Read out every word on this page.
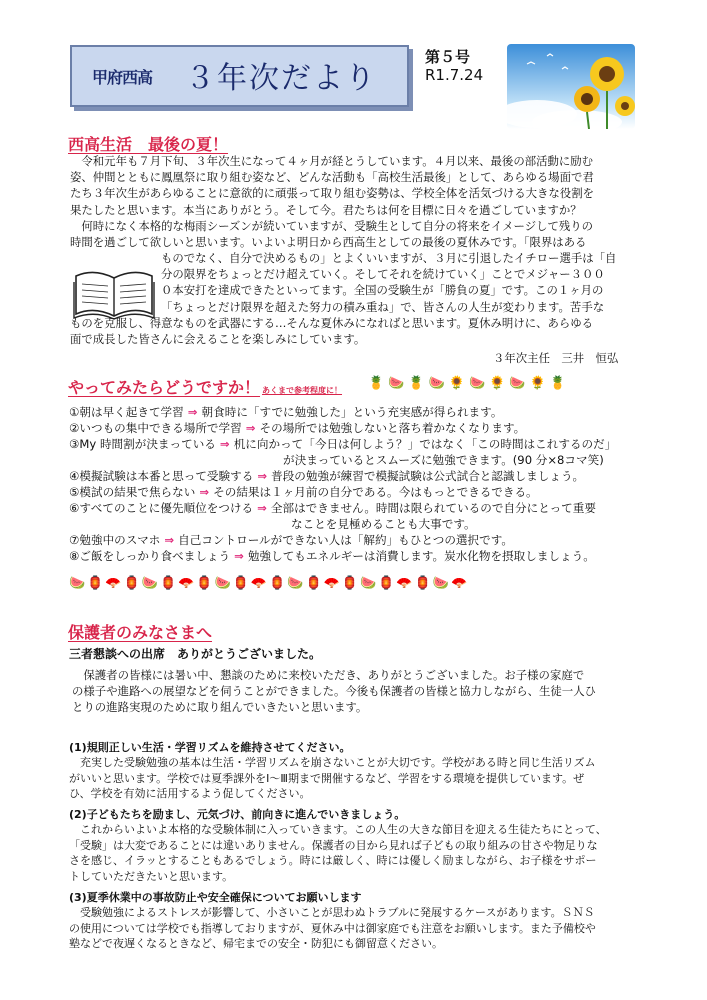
甲府西高 ３年次だより
第５号
R1.7.24
西高生活　最後の夏！

　令和元年も７月下旬、３年次生になって４ヶ月が経とうしています。４月以来、最後の部活動に励む

姿、仲間とともに鳳凰祭に取り組む姿など、どんな活動も「高校生活最後」として、あらゆる場面で君

たち３年次生があらゆることに意欲的に頑張って取り組む姿勢は、学校全体を活気づける大きな役割を

果たしたと思います。本当にありがとう。そして今。君たちは何を目標に日々を過ごしていますか？

　何時になく本格的な梅雨シーズンが続いていますが、受験生として自分の将来をイメージして残りの

時間を過ごして欲しいと思います。いよいよ明日から西高生としての最後の夏休みです。「限界はある

ものでなく、自分で決めるもの」とよくいいますが、３月に引退したイチロー選手は「自

分の限界をちょっとだけ超えていく。そしてそれを続けていく」ことでメジャー３００

０本安打を達成できたといってます。全国の受験生が「勝負の夏」です。この１ヶ月の

「ちょっとだけ限界を超えた努力の積み重ね」で、皆さんの人生が変わります。苦手な

ものを克服し、得意なものを武器にする…そんな夏休みになればと思います。夏休み明けに、あらゆる

面で成長した皆さんに会えることを楽しみにしています。

３年次主任　三井　恒弘
やってみたらどうですか！ あくまで参考程度に！ 🍍🍉🍍🍉🌻🍉🌻🍉🌻🍍

①朝は早く起きて学習 ⇒ 朝食時に「すでに勉強した」という充実感が得られます。

②いつもの集中できる場所で学習 ⇒ その場所では勉強しないと落ち着かなくなります。

③My 時間割が決まっている ⇒ 机に向かって「今日は何しよう？」ではなく「この時間はこれするのだ」

が決まっているとスムーズに勉強できます。(90 分×8コマ笑)

④模擬試験は本番と思って受験する ⇒ 普段の勉強が練習で模擬試験は公式試合と認識しましょう。

⑤模試の結果で焦らない ⇒ その結果は１ヶ月前の自分である。今はもっとできるできる。

⑥すべてのことに優先順位をつける ⇒ 全部はできません。時間は限られているので自分にとって重要

なことを見極めることも大事です。

⑦勉強中のスマホ ⇒ 自己コントロールができない人は「解約」もひとつの選択です。

⑧ご飯をしっかり食べましょう ⇒ 勉強してもエネルギーは消費します。炭水化物を摂取しましょう。

🍉🏮🪭🏮🍉🏮🪭🏮🍉🏮🪭🏮🍉🏮🪭🏮🍉🏮🪭🏮🍉🪭
保護者のみなさまへ
三者懇談への出席　ありがとうございました。

　保護者の皆様には暑い中、懇談のために来校いただき、ありがとうございました。お子様の家庭で

の様子や進路への展望などを伺うことができました。今後も保護者の皆様と協力しながら、生徒一人ひ

とりの進路実現のために取り組んでいきたいと思います。

(1)規則正しい生活・学習リズムを維持させてください。

　充実した受験勉強の基本は生活・学習リズムを崩さないことが大切です。学校がある時と同じ生活リズム

がいいと思います。学校では夏季課外をⅠ～Ⅲ期まで開催するなど、学習をする環境を提供しています。ぜ

ひ、学校を有効に活用するよう促してください。

(2)子どもたちを励まし、元気づけ、前向きに進んでいきましょう。

　これからいよいよ本格的な受験体制に入っていきます。この人生の大きな節目を迎える生徒たちにとって、

「受験」は大変であることには違いありません。保護者の目から見れば子どもの取り組みの甘さや物足りな

さを感じ、イラッとすることもあるでしょう。時には厳しく、時には優しく励ましながら、お子様をサポー

トしていただきたいと思います。

(3)夏季休業中の事故防止や安全確保についてお願いします

　受験勉強によるストレスが影響して、小さいことが思わぬトラブルに発展するケースがあります。ＳＮＳ

の使用については学校でも指導しておりますが、夏休み中は御家庭でも注意をお願いします。また予備校や

塾などで夜遅くなるときなど、帰宅までの安全・防犯にも御留意ください。
